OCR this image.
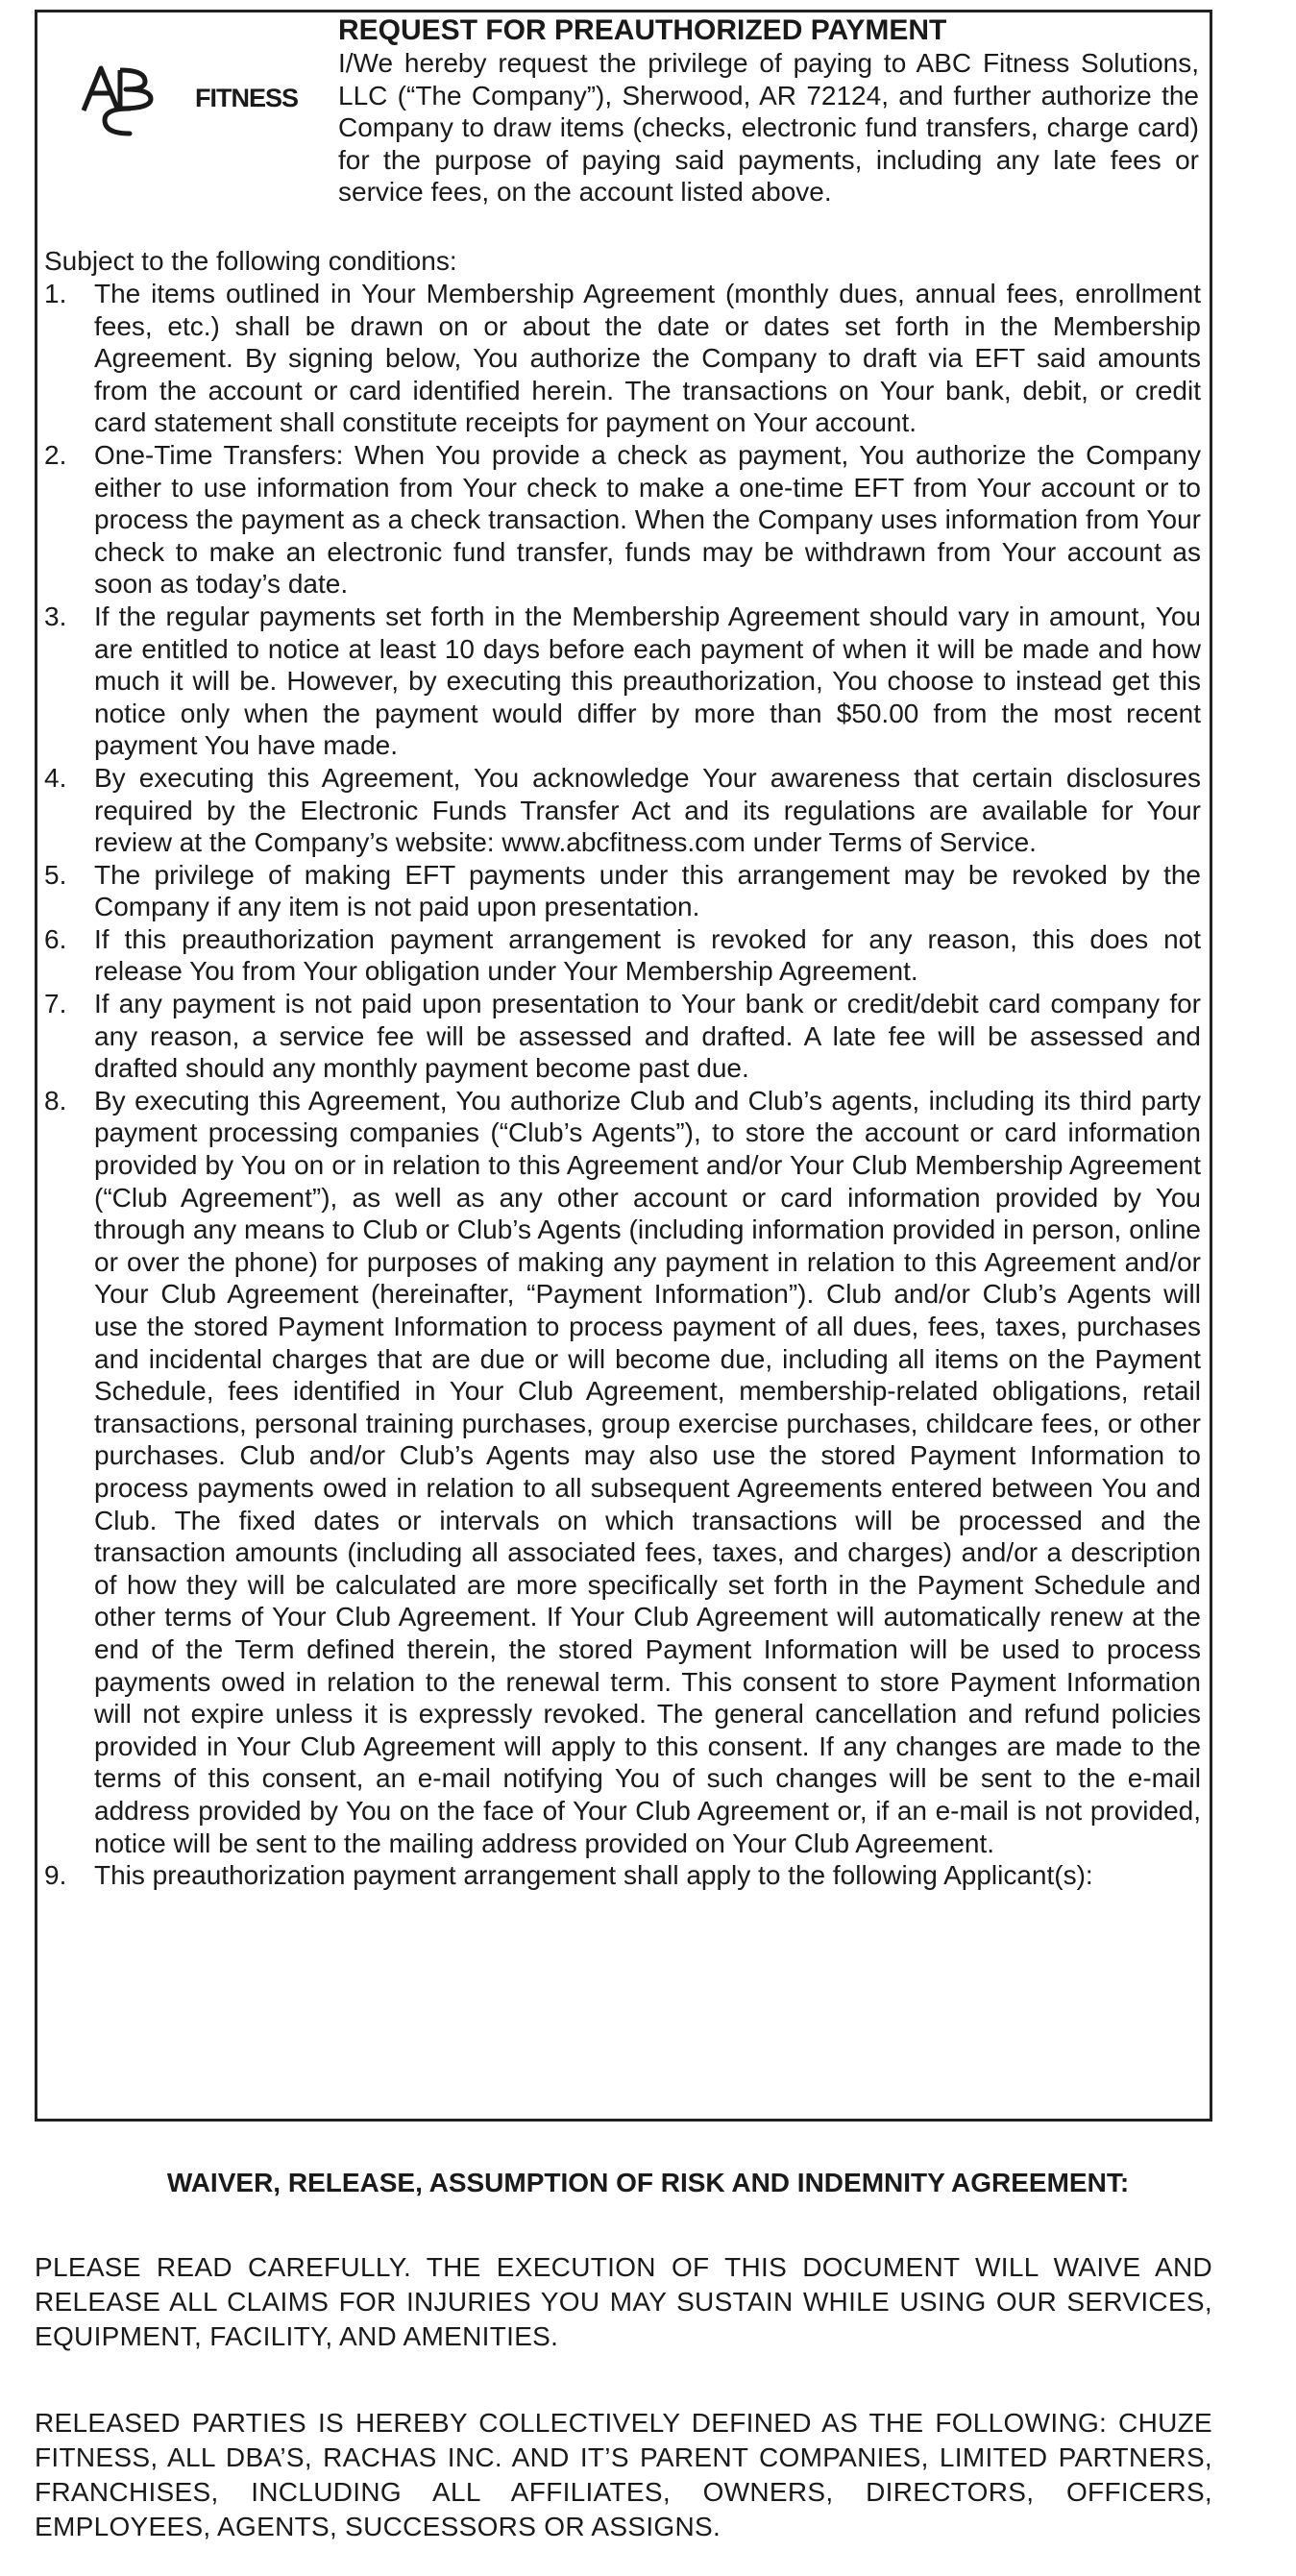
FITNESS

REQUEST FOR PREAUTHORIZED PAYMENT

I/We hereby request the privilege of paying to ABC Fitness Solutions, LLC (“The Company”), Sherwood, AR 72124, and further authorize the Company to draw items (checks, electronic fund transfers, charge card) for the purpose of paying said payments, including any late fees or service fees, on the account listed above.

Subject to the following conditions:

1. The items outlined in Your Membership Agreement (monthly dues, annual fees, enrollment fees, etc.) shall be drawn on or about the date or dates set forth in the Membership Agreement. By signing below, You authorize the Company to draft via EFT said amounts from the account or card identified herein. The transactions on Your bank, debit, or credit card statement shall constitute receipts for payment on Your account.
2. One-Time Transfers: When You provide a check as payment, You authorize the Company either to use information from Your check to make a one-time EFT from Your account or to process the payment as a check transaction. When the Company uses information from Your check to make an electronic fund transfer, funds may be withdrawn from Your account as soon as today’s date.
3. If the regular payments set forth in the Membership Agreement should vary in amount, You are entitled to notice at least 10 days before each payment of when it will be made and how much it will be. However, by executing this preauthorization, You choose to instead get this notice only when the payment would differ by more than $50.00 from the most recent payment You have made.
4. By executing this Agreement, You acknowledge Your awareness that certain disclosures required by the Electronic Funds Transfer Act and its regulations are available for Your review at the Company’s website: www.abcfitness.com under Terms of Service.
5. The privilege of making EFT payments under this arrangement may be revoked by the Company if any item is not paid upon presentation.
6. If this preauthorization payment arrangement is revoked for any reason, this does not release You from Your obligation under Your Membership Agreement.
7. If any payment is not paid upon presentation to Your bank or credit/debit card company for any reason, a service fee will be assessed and drafted. A late fee will be assessed and drafted should any monthly payment become past due.
8. By executing this Agreement, You authorize Club and Club’s agents, including its third party payment processing companies (“Club’s Agents”), to store the account or card information provided by You on or in relation to this Agreement and/or Your Club Membership Agreement (“Club Agreement”), as well as any other account or card information provided by You through any means to Club or Club’s Agents (including information provided in person, online or over the phone) for purposes of making any payment in relation to this Agreement and/or Your Club Agreement (hereinafter, “Payment Information”). Club and/or Club’s Agents will use the stored Payment Information to process payment of all dues, fees, taxes, purchases and incidental charges that are due or will become due, including all items on the Payment Schedule, fees identified in Your Club Agreement, membership-related obligations, retail transactions, personal training purchases, group exercise purchases, childcare fees, or other purchases. Club and/or Club’s Agents may also use the stored Payment Information to process payments owed in relation to all subsequent Agreements entered between You and Club. The fixed dates or intervals on which transactions will be processed and the transaction amounts (including all associated fees, taxes, and charges) and/or a description of how they will be calculated are more specifically set forth in the Payment Schedule and other terms of Your Club Agreement. If Your Club Agreement will automatically renew at the end of the Term defined therein, the stored Payment Information will be used to process payments owed in relation to the renewal term. This consent to store Payment Information will not expire unless it is expressly revoked. The general cancellation and refund policies provided in Your Club Agreement will apply to this consent. If any changes are made to the terms of this consent, an e-mail notifying You of such changes will be sent to the e-mail address provided by You on the face of Your Club Agreement or, if an e-mail is not provided, notice will be sent to the mailing address provided on Your Club Agreement.
9. This preauthorization payment arrangement shall apply to the following Applicant(s):

WAIVER, RELEASE, ASSUMPTION OF RISK AND INDEMNITY AGREEMENT:

PLEASE READ CAREFULLY. THE EXECUTION OF THIS DOCUMENT WILL WAIVE AND RELEASE ALL CLAIMS FOR INJURIES YOU MAY SUSTAIN WHILE USING OUR SERVICES, EQUIPMENT, FACILITY, AND AMENITIES.

RELEASED PARTIES IS HEREBY COLLECTIVELY DEFINED AS THE FOLLOWING: CHUZE FITNESS, ALL DBA’S, RACHAS INC. AND IT’S PARENT COMPANIES, LIMITED PARTNERS, FRANCHISES, INCLUDING ALL AFFILIATES, OWNERS, DIRECTORS, OFFICERS, EMPLOYEES, AGENTS, SUCCESSORS OR ASSIGNS.
